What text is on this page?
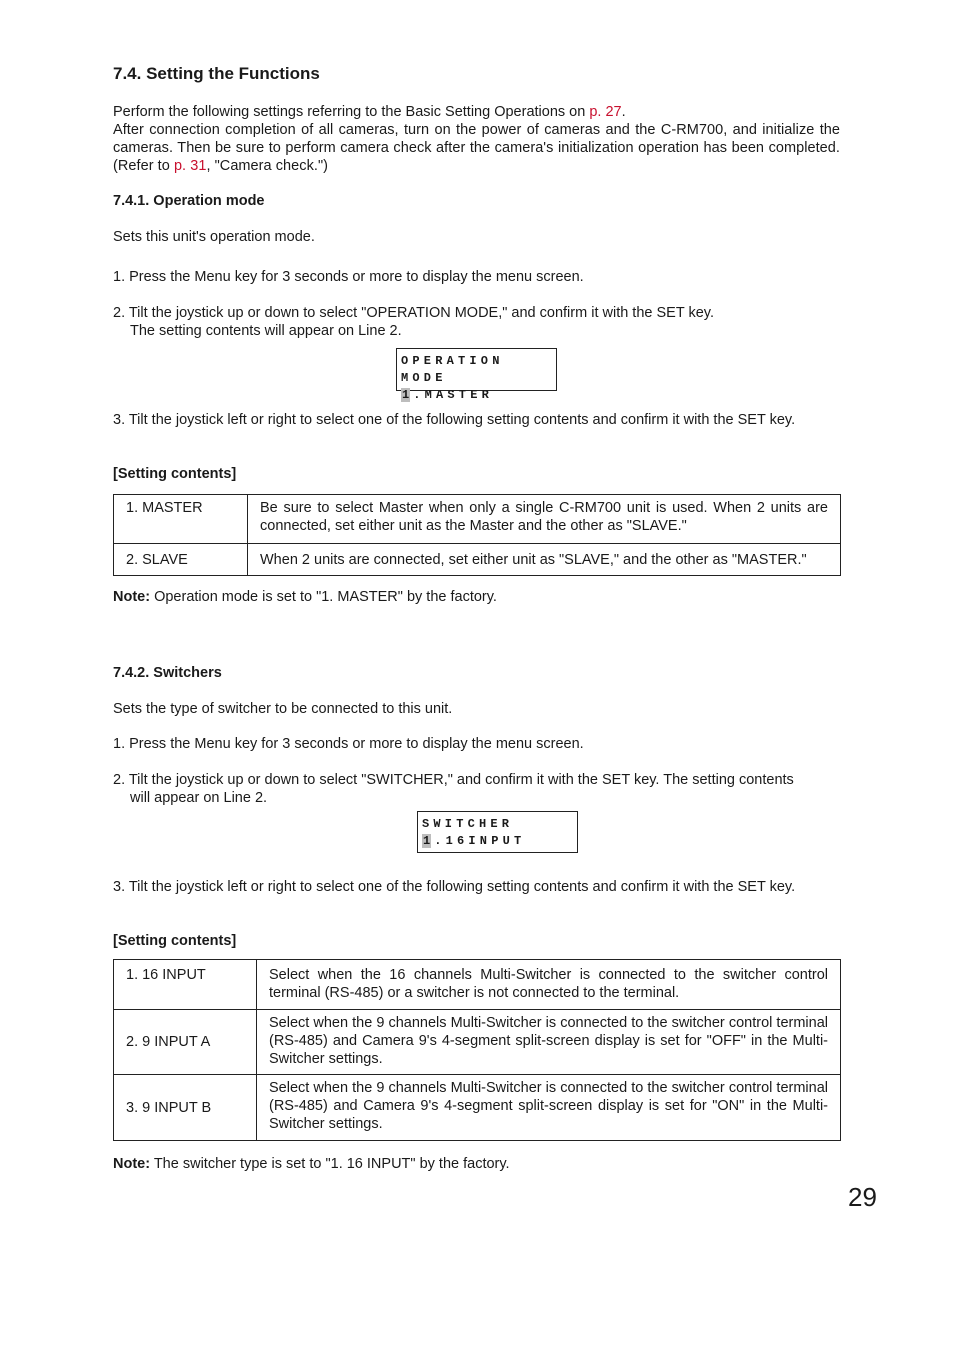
7.4. Setting the Functions
Perform the following settings referring to the Basic Setting Operations on p. 27.
After connection completion of all cameras, turn on the power of cameras and the C-RM700, and initialize the cameras. Then be sure to perform camera check after the camera's initialization operation has been completed. (Refer to p. 31, "Camera check.")
7.4.1. Operation mode
Sets this unit's operation mode.
1. Press the Menu key for 3 seconds or more to display the menu screen.
2. Tilt the joystick up or down to select "OPERATION MODE," and confirm it with the SET key.
The setting contents will appear on Line 2.
OPERATION MODE
1 .MASTER
3. Tilt the joystick left or right to select one of the following setting contents and confirm it with the SET key.
[Setting contents]
1. MASTER	Be sure to select Master when only a single C-RM700 unit is used. When 2 units are connected, set either unit as the Master and the other as "SLAVE."
2. SLAVE	When 2 units are connected, set either unit as "SLAVE," and the other as "MASTER."
Note: Operation mode is set to "1. MASTER" by the factory.
7.4.2. Switchers
Sets the type of switcher to be connected to this unit.
1. Press the Menu key for 3 seconds or more to display the menu screen.
2. Tilt the joystick up or down to select "SWITCHER," and confirm it with the SET key. The setting contents
will appear on Line 2.
SWITCHER
1 .16INPUT
3. Tilt the joystick left or right to select one of the following setting contents and confirm it with the SET key.
[Setting contents]
1. 16 INPUT	Select when the 16 channels Multi-Switcher is connected to the switcher control terminal (RS-485) or a switcher is not connected to the terminal.
2. 9 INPUT A	Select when the 9 channels Multi-Switcher is connected to the switcher control terminal (RS-485) and Camera 9's 4-segment split-screen display is set for "OFF" in the Multi-Switcher settings.
3. 9 INPUT B	Select when the 9 channels Multi-Switcher is connected to the switcher control terminal (RS-485) and Camera 9's 4-segment split-screen display is set for "ON" in the Multi-Switcher settings.
Note: The switcher type is set to "1. 16 INPUT" by the factory.
29
